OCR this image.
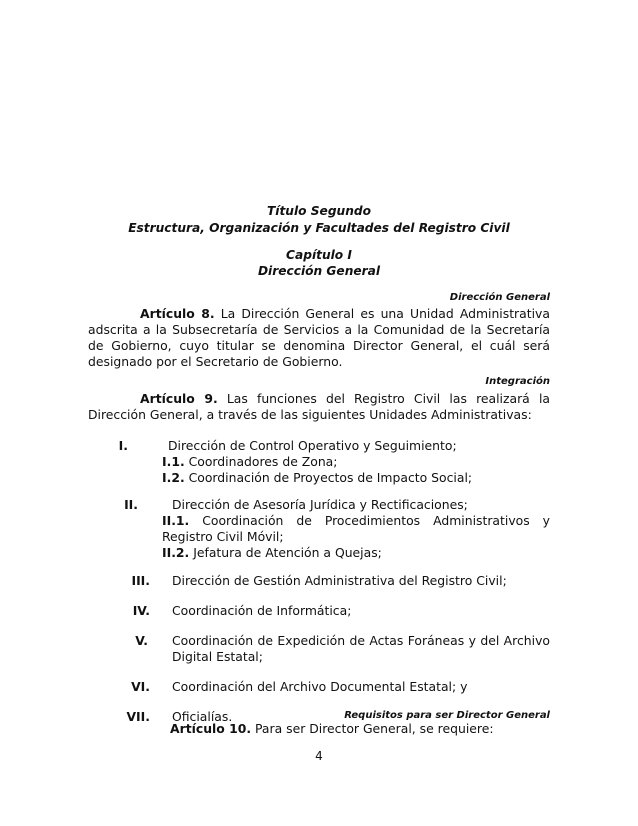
Título Segundo
Estructura, Organización y Facultades del Registro Civil
Capítulo I
Dirección General
Dirección General
Artículo 8. La Dirección General es una Unidad Administrativa adscrita a la Subsecretaría de Servicios a la Comunidad de la Secretaría de Gobierno, cuyo titular se denomina Director General, el cuál será designado por el Secretario de Gobierno.
Integración
Artículo 9. Las funciones del Registro Civil las realizará la Dirección General, a través de las siguientes Unidades Administrativas:
I.	Dirección de Control Operativo y Seguimiento;
I.1. Coordinadores de Zona;
I.2. Coordinación de Proyectos de Impacto Social;
II.	Dirección de Asesoría Jurídica y Rectificaciones;
II.1. Coordinación de Procedimientos Administrativos y Registro Civil Móvil;
II.2. Jefatura de Atención a Quejas;
III. Dirección de Gestión Administrativa del Registro Civil;
IV. Coordinación de Informática;
V. Coordinación de Expedición de Actas Foráneas y del Archivo Digital Estatal;
VI. Coordinación del Archivo Documental Estatal; y
VII. Oficialías.	Requisitos para ser Director General
Artículo 10. Para ser Director General, se requiere:
4
